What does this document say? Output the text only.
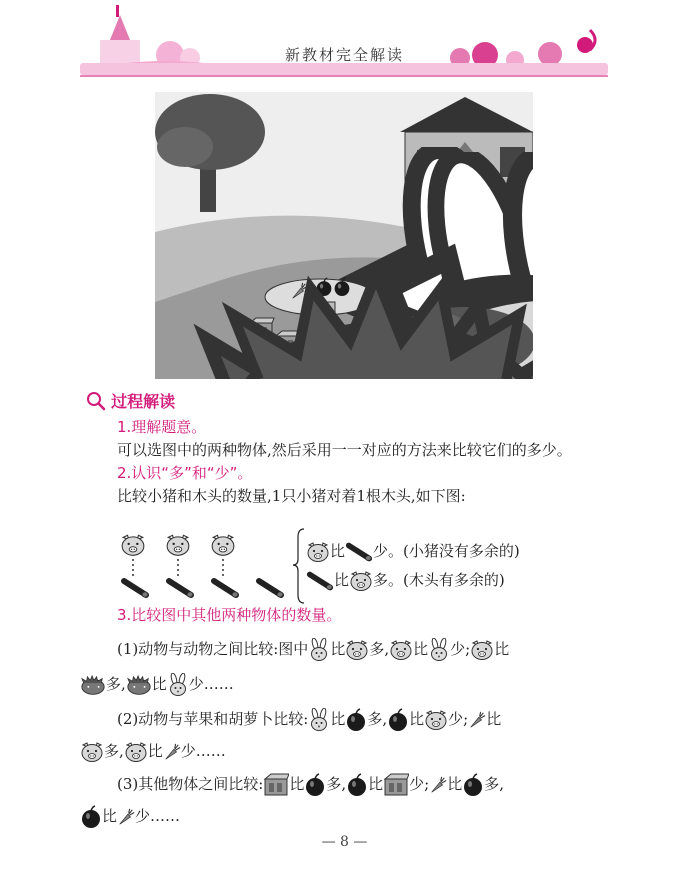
新教材完全解读
过程解读
1.理解题意。
可以选图中的两种物体,然后采用一一对应的方法来比较它们的多少。
2.认识“多”和“少”。
比较小猪和木头的数量,1只小猪对着1根木头,如下图:
比 少。(小猪没有多余的)
比 多。(木头有多余的)
3.比较图中其他两种物体的数量。
(1)动物与动物之间比较:图中 比 多, 比 少; 比
多, 比 少……
(2)动物与苹果和胡萝卜比较: 比 多, 比 少; 比
多, 比 少……
(3)其他物体之间比较: 比 多, 比 少; 比 多,
比 少……
— 8 —
